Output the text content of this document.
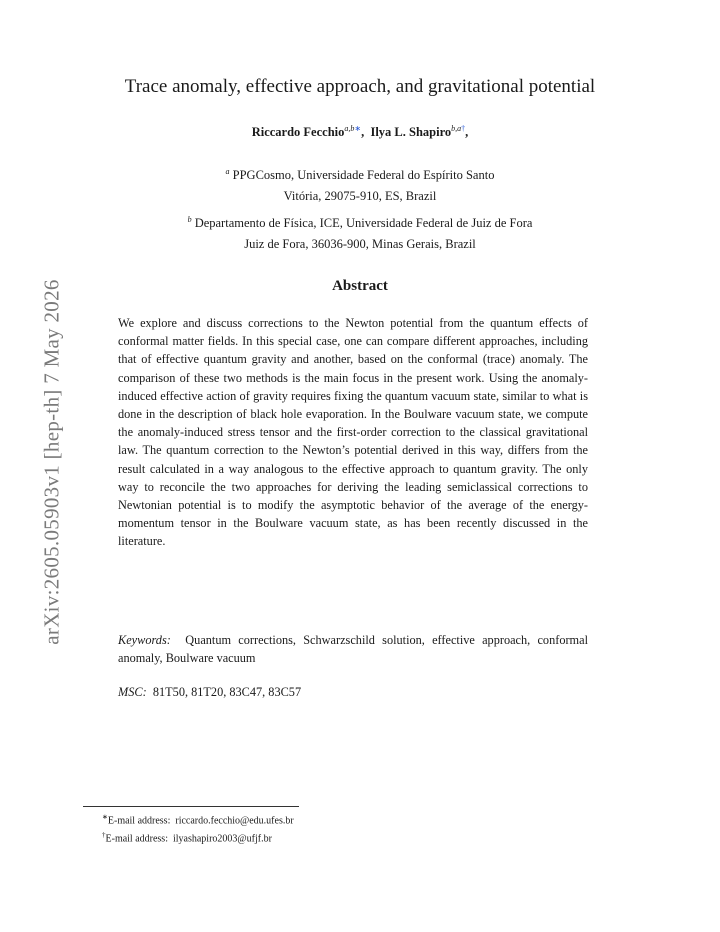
arXiv:2605.05903v1 [hep-th] 7 May 2026
Trace anomaly, effective approach, and gravitational potential
Riccardo Fecchio$^{a,b∗}$,  Ilya L. Shapiro$^{b,a\dagger}$,
$^a$ PPGCosmo, Universidade Federal do Espírito Santo
Vitória, 29075-910, ES, Brazil
$^b$ Departamento de Física, ICE, Universidade Federal de Juiz de Fora
Juiz de Fora, 36036-900, Minas Gerais, Brazil
Abstract

We explore and discuss corrections to the Newton potential from the quantum effects of conformal matter fields. In this special case, one can compare different approaches, including that of effective quantum gravity and another, based on the conformal (trace) anomaly. The comparison of these two methods is the main focus in the present work. Using the anomaly-induced effective action of gravity requires fixing the quantum vacuum state, similar to what is done in the description of black hole evaporation. In the Boulware vacuum state, we compute the anomaly-induced stress tensor and the first-order correction to the classical gravitational law. The quantum correction to the Newton’s potential derived in this way, differs from the result calculated in a way analogous to the effective approach to quantum gravity. The only way to reconcile the two approaches for deriving the leading semiclassical corrections to Newtonian potential is to modify the asymptotic behavior of the average of the energy-momentum tensor in the Boulware vacuum state, as has been recently discussed in the literature.

Keywords: Quantum corrections, Schwarzschild solution, effective approach, conformal anomaly, Boulware vacuum

MSC: 81T50, 81T20, 83C47, 83C57

∗E-mail address: riccardo.fecchio@edu.ufes.br
†E-mail address: ilyashapiro2003@ufjf.br
